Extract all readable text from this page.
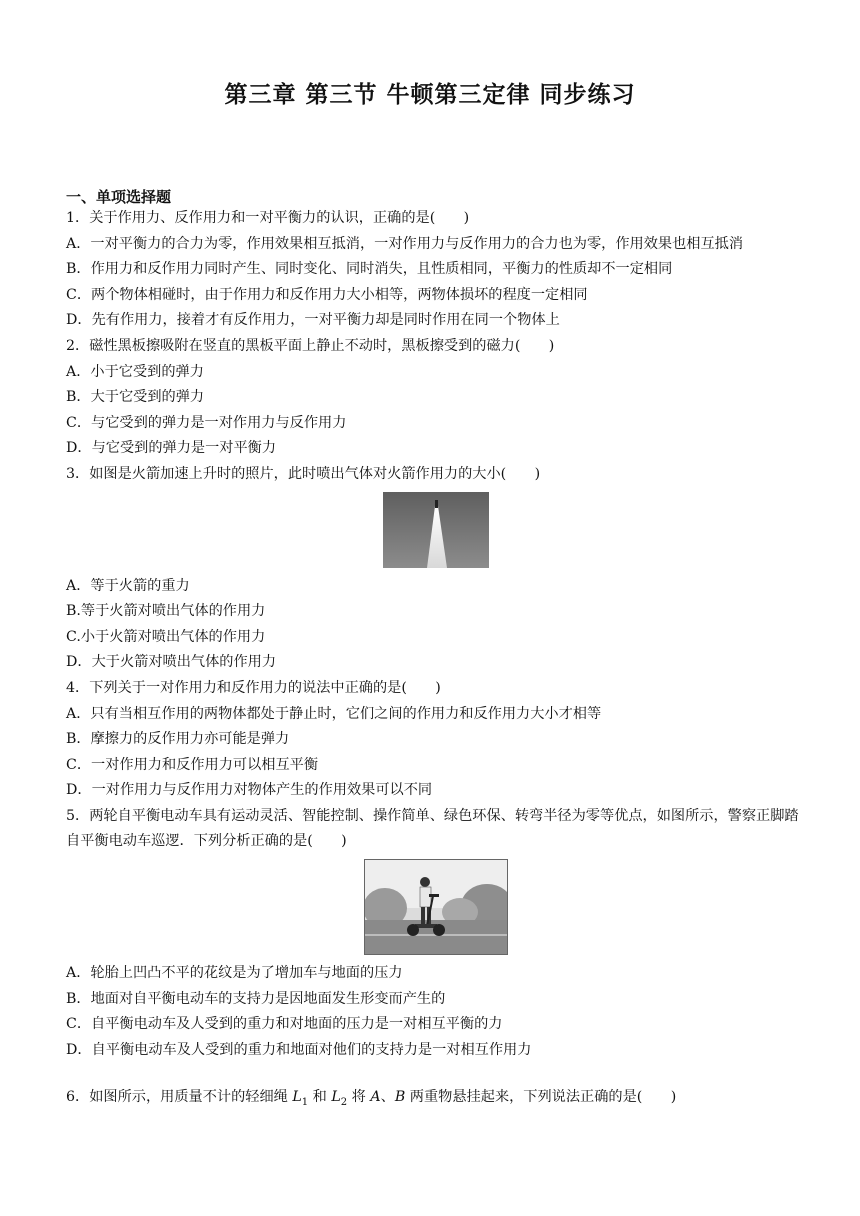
第三章 第三节 牛顿第三定律 同步练习
一、单项选择题
1．关于作用力、反作用力和一对平衡力的认识，正确的是(　　)
A．一对平衡力的合力为零，作用效果相互抵消，一对作用力与反作用力的合力也为零，作用效果也相互抵消
B．作用力和反作用力同时产生、同时变化、同时消失，且性质相同，平衡力的性质却不一定相同
C．两个物体相碰时，由于作用力和反作用力大小相等，两物体损坏的程度一定相同
D．先有作用力，接着才有反作用力，一对平衡力却是同时作用在同一个物体上
2．磁性黑板擦吸附在竖直的黑板平面上静止不动时，黑板擦受到的磁力(　　)
A．小于它受到的弹力
B．大于它受到的弹力
C．与它受到的弹力是一对作用力与反作用力
D．与它受到的弹力是一对平衡力
3．如图是火箭加速上升时的照片，此时喷出气体对火箭作用力的大小(　　)
A．等于火箭的重力
B.等于火箭对喷出气体的作用力
C.小于火箭对喷出气体的作用力
D．大于火箭对喷出气体的作用力
4．下列关于一对作用力和反作用力的说法中正确的是(　　)
A．只有当相互作用的两物体都处于静止时，它们之间的作用力和反作用力大小才相等
B．摩擦力的反作用力亦可能是弹力
C．一对作用力和反作用力可以相互平衡
D．一对作用力与反作用力对物体产生的作用效果可以不同
5．两轮自平衡电动车具有运动灵活、智能控制、操作简单、绿色环保、转弯半径为零等优点，如图所示，警察正脚踏自平衡电动车巡逻．下列分析正确的是(　　)
A．轮胎上凹凸不平的花纹是为了增加车与地面的压力
B．地面对自平衡电动车的支持力是因地面发生形变而产生的
C．自平衡电动车及人受到的重力和对地面的压力是一对相互平衡的力
D．自平衡电动车及人受到的重力和地面对他们的支持力是一对相互作用力
6．如图所示，用质量不计的轻细绳 $L_1$ 和 $L_2$ 将 A、B 两重物悬挂起来，下列说法正确的是(　　)
